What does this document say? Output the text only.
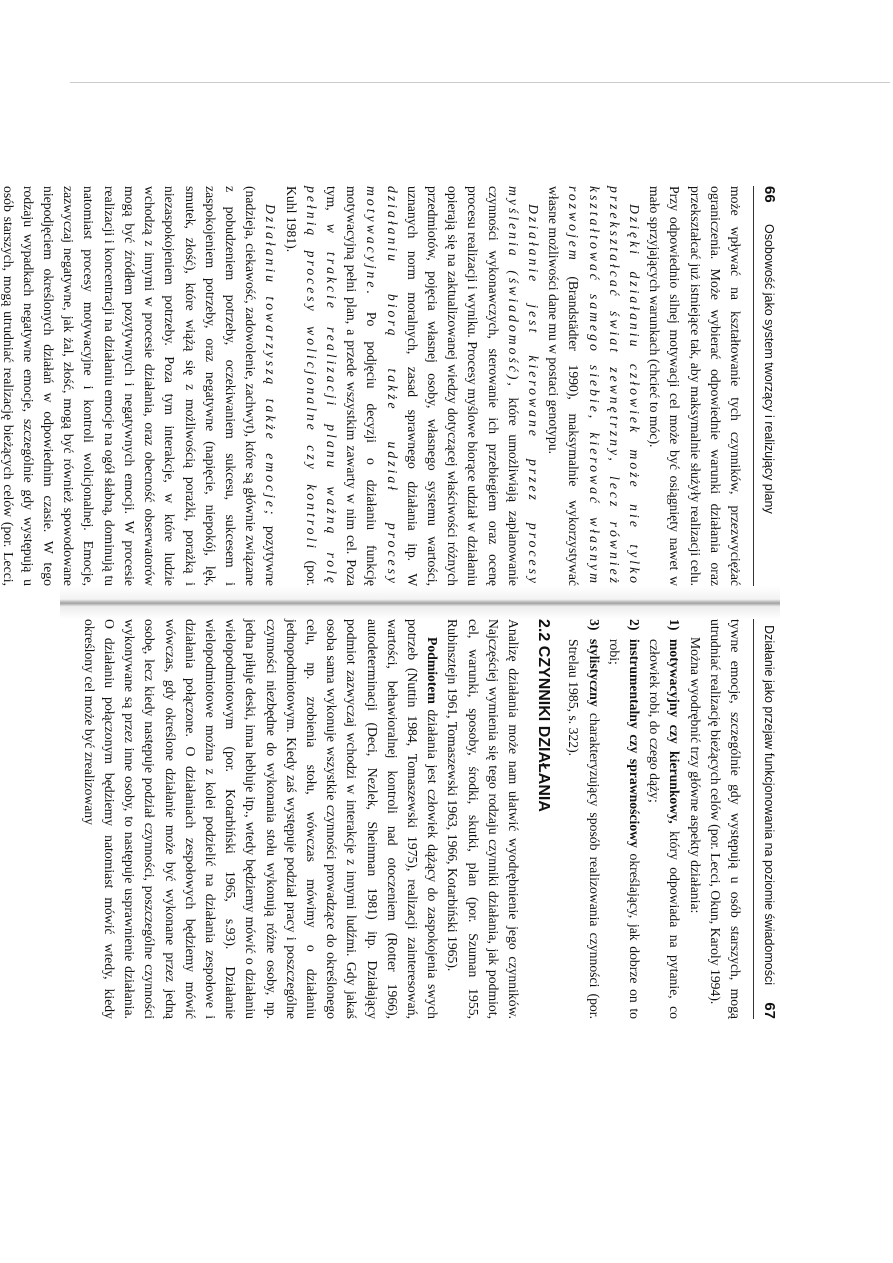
66
Osobowość jako system tworzący i realizujący plany

może wpływać na kształtowanie tych czynników, przezwyciężać ograniczenia. Może wybierać odpowiednie warunki działania oraz przekształcać już istniejące tak, aby maksymalnie służyły realizacji celu. Przy odpowiednio silnej motywacji cel może być osiągnięty nawet w mało sprzyjających warunkach (chcieć to móc).

Dzięki działaniu człowiek może nie tylko przekształcać świat zewnętrzny, lecz również kształtować samego siebie, kierować własnym rozwojem (Brandstädter 1990), maksymalnie wykorzystywać własne możliwości dane mu w postaci genotypu.

Działanie jest kierowane przez procesy myślenia (świadomość), które umożliwiają zaplanowanie czynności wykonawczych, sterowanie ich przebiegiem oraz ocenę procesu realizacji i wyniku. Procesy myślowe biorące udział w działaniu opierają się na zaktualizowanej wiedzy dotyczącej właściwości różnych przedmiotów, pojęcia własnej osoby, własnego systemu wartości, uznanych norm moralnych, zasad sprawnego działania itp. W działaniu biorą także udział procesy motywacyjne. Po podjęciu decyzji o działaniu funkcję motywacyjną pełni plan, a przede wszystkim zawarty w nim cel. Poza tym, w trakcie realizacji planu ważną rolę pełnią procesy wolicjonalne czy kontroli (por. Kuhl 1981).

Działaniu towarzyszą także emocje; pozytywne (nadzieja, ciekawość, zadowolenie, zachwyt), które są głównie związane z pobudzeniem potrzeby, oczekiwaniem sukcesu, sukcesem i zaspokojeniem potrzeby, oraz negatywne (napięcie, niepokój, lęk, smutek, złość), które wiążą się z możliwością porażki, porażką i niezaspokojeniem potrzeby. Poza tym interakcje, w które ludzie wchodzą z innymi w procesie działania, oraz obecność obserwatorów mogą być źródłem pozytywnych i negatywnych emocji. W procesie realizacji i koncentracji na działaniu emocje na ogół słabną, dominują tu natomiast procesy motywacyjne i kontroli wolicjonalnej. Emocje, zazwyczaj negatywne, jak żal, złość, mogą być również spowodowane niepodjęciem określonych działań w odpowiednim czasie. W tego rodzaju wypadkach negatywne emocje, szczególnie gdy występują u osób starszych, mogą utrudniać realizację bieżących celów (por. Lecci,

Działanie jako przejaw funkcjonowania na poziomie świadomości
67

tywne emocje, szczególnie gdy występują u osób starszych, mogą utrudniać realizację bieżących celów (por. Lecci, Okun, Karoly 1994).

Można wyodrębnić trzy główne aspekty działania:

1)
motywacyjny czy kierunkowy, który odpowiada na pytanie, co człowiek robi, do czego dąży;
2)
instrumentalny czy sprawnościowy określający, jak dobrze on to robi;
3)
stylistyczny charakteryzujący sposób realizowania czynności (por. Strelau 1985, s. 322).
2.2 CZYNNIKI DZIAŁANIA

Analizę działania może nam ułatwić wyodrębnienie jego czynników. Najczęściej wymienia się tego rodzaju czynniki działania, jak podmiot, cel, warunki, sposoby, środki, skutki, plan (por. Szuman 1955, Rubinsztejn 1961, Tomaszewski 1963, 1966, Kotarbiński 1965).

Podmiotem działania jest człowiek dążący do zaspokojenia swych potrzeb (Nuttin 1984, Tomaszewski 1975), realizacji zainteresowań, wartości, behawioralnej kontroli nad otoczeniem (Rotter 1966), autodeterminacji (Deci, Nezlek, Sheinman 1981) itp. Działający podmiot zazwyczaj wchodzi w interakcje z innymi ludźmi. Gdy jakaś osoba sama wykonuje wszystkie czynności prowadzące do określonego celu, np. zrobienia stołu, wówczas mówimy o działaniu jednopodmiotowym. Kiedy zaś występuje podział pracy i poszczególne czynności niezbędne do wykonania stołu wykonują różne osoby, np. jedna piłuje deski, inna hebluje itp., wtedy będziemy mówić o działaniu wielopodmiotowym (por. Kotarbiński 1965, s.93). Działanie wielopodmiotowe można z kolei podzielić na działania zespołowe i działania połączone. O działaniach zespołowych będziemy mówić wówczas, gdy określone działanie może być wykonane przez jedną osobę, lecz kiedy następuje podział czynności, poszczególne czynności wykonywane są przez inne osoby, to następuje usprawnienie działania. O działaniu połączonym będziemy natomiast mówić wtedy, kiedy określony cel może być zrealizowany
